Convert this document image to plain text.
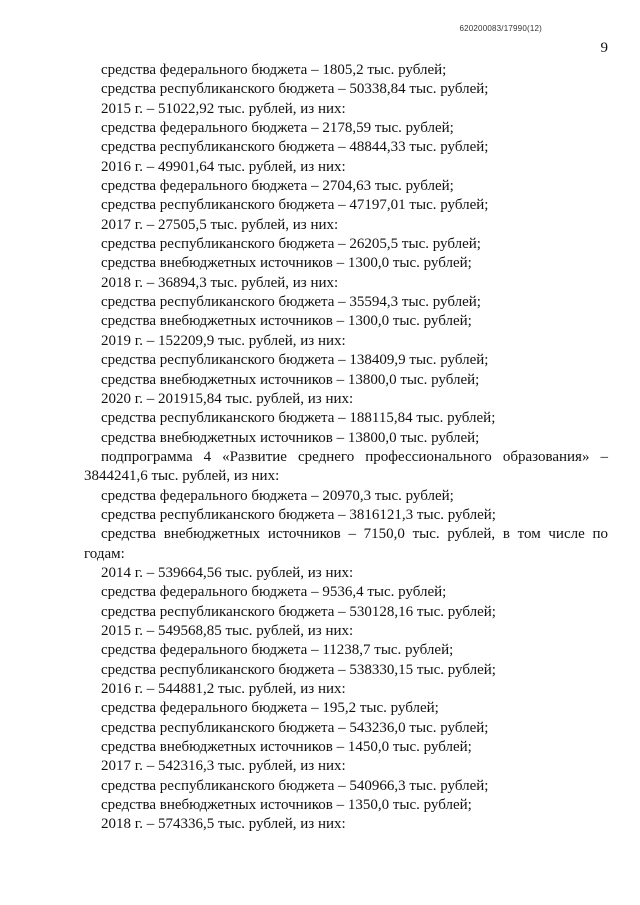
620200083/17990(12)
9
средства федерального бюджета – 1805,2 тыс. рублей;
средства республиканского бюджета – 50338,84 тыс. рублей;
2015 г. – 51022,92 тыс. рублей, из них:
средства федерального бюджета – 2178,59 тыс. рублей;
средства республиканского бюджета – 48844,33 тыс. рублей;
2016 г. – 49901,64 тыс. рублей, из них:
средства федерального бюджета – 2704,63 тыс. рублей;
средства республиканского бюджета – 47197,01 тыс. рублей;
2017 г. – 27505,5 тыс. рублей, из них:
средства республиканского бюджета – 26205,5 тыс. рублей;
средства внебюджетных источников – 1300,0 тыс. рублей;
2018 г. – 36894,3 тыс. рублей, из них:
средства республиканского бюджета – 35594,3 тыс. рублей;
средства внебюджетных источников – 1300,0 тыс. рублей;
2019 г. – 152209,9 тыс. рублей, из них:
средства республиканского бюджета – 138409,9 тыс. рублей;
средства внебюджетных источников – 13800,0 тыс. рублей;
2020 г. – 201915,84 тыс. рублей, из них:
средства республиканского бюджета – 188115,84 тыс. рублей;
средства внебюджетных источников – 13800,0 тыс. рублей;
подпрограмма 4 «Развитие среднего профессионального образования» – 3844241,6 тыс. рублей, из них:
средства федерального бюджета – 20970,3 тыс. рублей;
средства республиканского бюджета – 3816121,3 тыс. рублей;
средства внебюджетных источников – 7150,0 тыс. рублей, в том числе по годам:
2014 г. – 539664,56 тыс. рублей, из них:
средства федерального бюджета – 9536,4 тыс. рублей;
средства республиканского бюджета – 530128,16 тыс. рублей;
2015 г. – 549568,85 тыс. рублей, из них:
средства федерального бюджета – 11238,7 тыс. рублей;
средства республиканского бюджета – 538330,15 тыс. рублей;
2016 г. – 544881,2 тыс. рублей, из них:
средства федерального бюджета – 195,2 тыс. рублей;
средства республиканского бюджета – 543236,0 тыс. рублей;
средства внебюджетных источников – 1450,0 тыс. рублей;
2017 г. – 542316,3 тыс. рублей, из них:
средства республиканского бюджета – 540966,3 тыс. рублей;
средства внебюджетных источников – 1350,0 тыс. рублей;
2018 г. – 574336,5 тыс. рублей, из них:
